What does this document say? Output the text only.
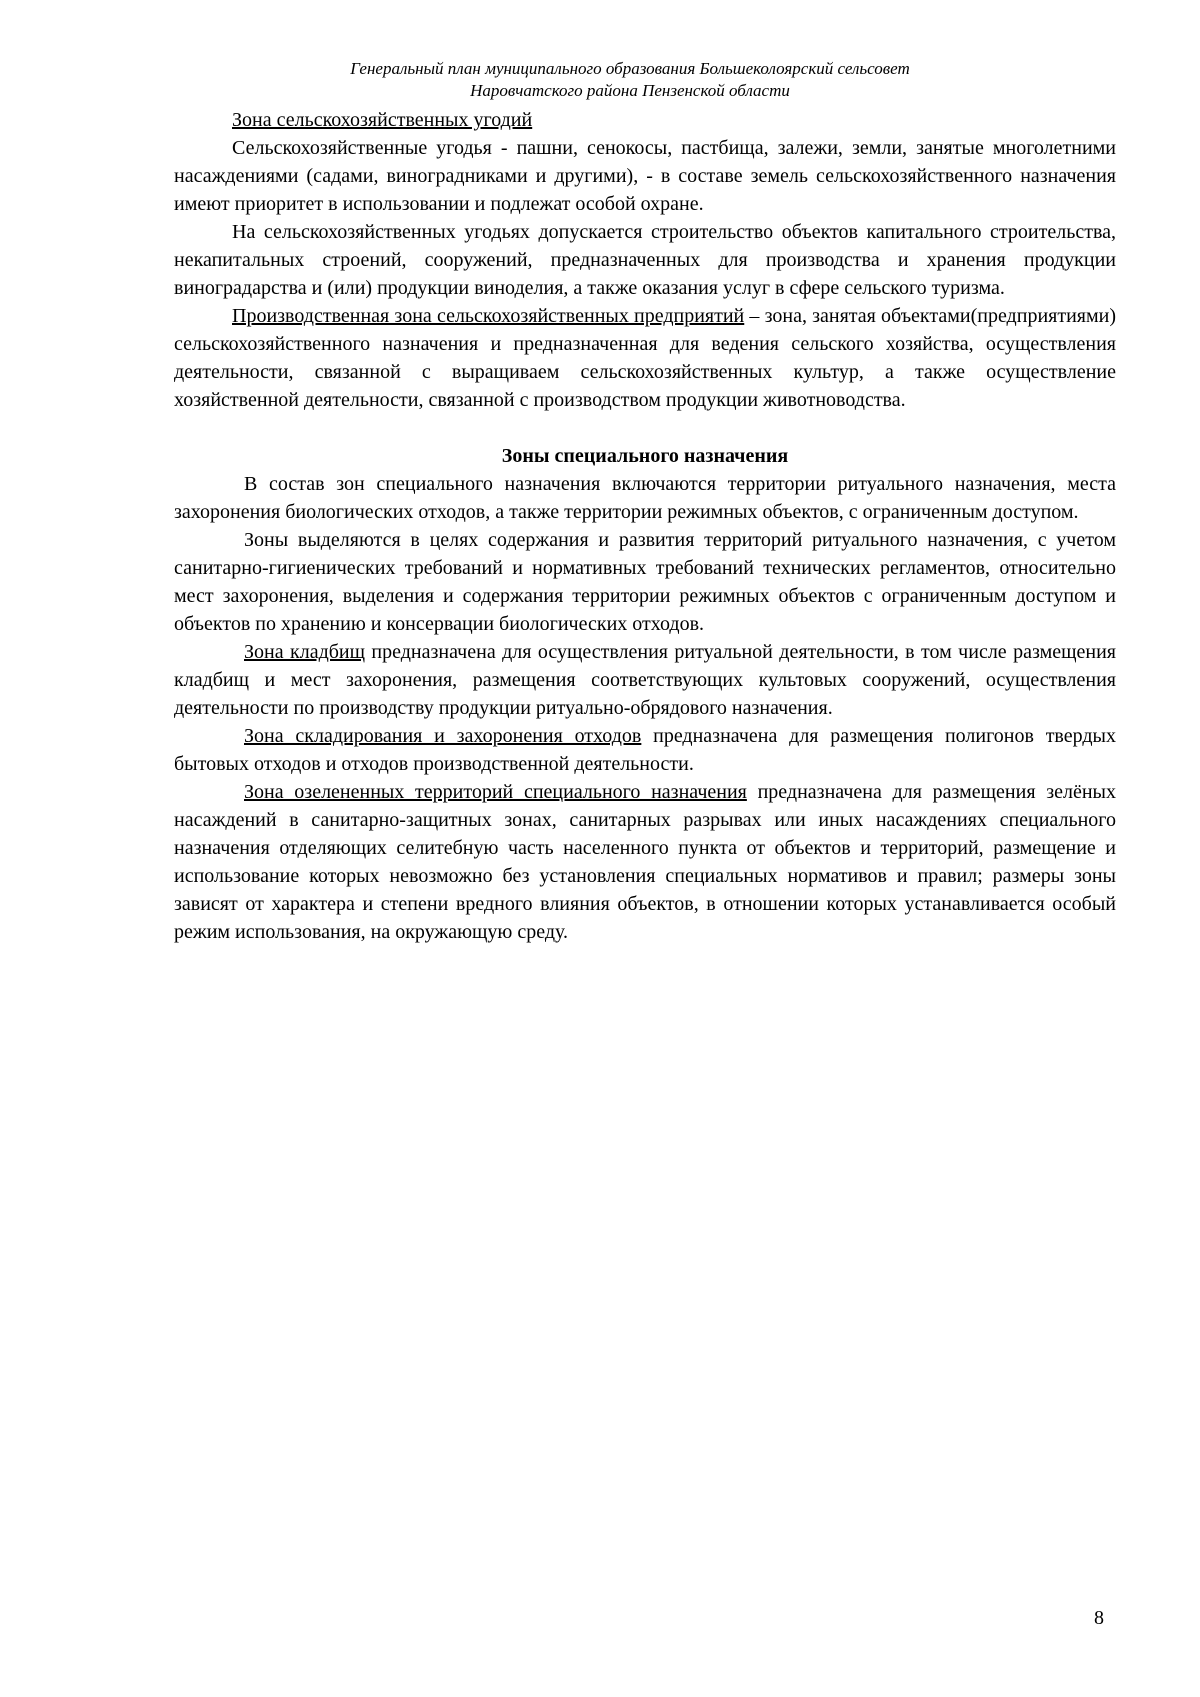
Генеральный план муниципального образования Большеколоярский сельсовет
Наровчатского района Пензенской области

Зона сельскохозяйственных угодий

Сельскохозяйственные угодья - пашни, сенокосы, пастбища, залежи, земли, занятые многолетними насаждениями (садами, виноградниками и другими), - в составе земель сельскохозяйственного назначения имеют приоритет в использовании и подлежат особой охране.

На сельскохозяйственных угодьях допускается строительство объектов капитального строительства, некапитальных строений, сооружений, предназначенных для производства и хранения продукции виноградарства и (или) продукции виноделия, а также оказания услуг в сфере сельского туризма.

Производственная зона сельскохозяйственных предприятий – зона, занятая объектами(предприятиями) сельскохозяйственного назначения и предназначенная для ведения сельского хозяйства, осуществления деятельности, связанной с выращиваем сельскохозяйственных культур, а также осуществление хозяйственной деятельности, связанной с производством продукции животноводства.

Зоны специального назначения

В состав зон специального назначения включаются территории ритуального назначения, места захоронения биологических отходов, а также территории режимных объектов, с ограниченным доступом.

Зоны выделяются в целях содержания и развития территорий ритуального назначения, с учетом санитарно-гигиенических требований и нормативных требований технических регламентов, относительно мест захоронения, выделения и содержания территории режимных объектов с ограниченным доступом и объектов по хранению и консервации биологических отходов.

Зона кладбищ предназначена для осуществления ритуальной деятельности, в том числе размещения кладбищ и мест захоронения, размещения соответствующих культовых сооружений, осуществления деятельности по производству продукции ритуально-обрядового назначения.

Зона складирования и захоронения отходов предназначена для размещения полигонов твердых бытовых отходов и отходов производственной деятельности.

Зона озелененных территорий специального назначения предназначена для размещения зелёных насаждений в санитарно-защитных зонах, санитарных разрывах или иных насаждениях специального назначения отделяющих селитебную часть населенного пункта от объектов и территорий, размещение и использование которых невозможно без установления специальных нормативов и правил; размеры зоны зависят от характера и степени вредного влияния объектов, в отношении которых устанавливается особый режим использования, на окружающую среду.

8
